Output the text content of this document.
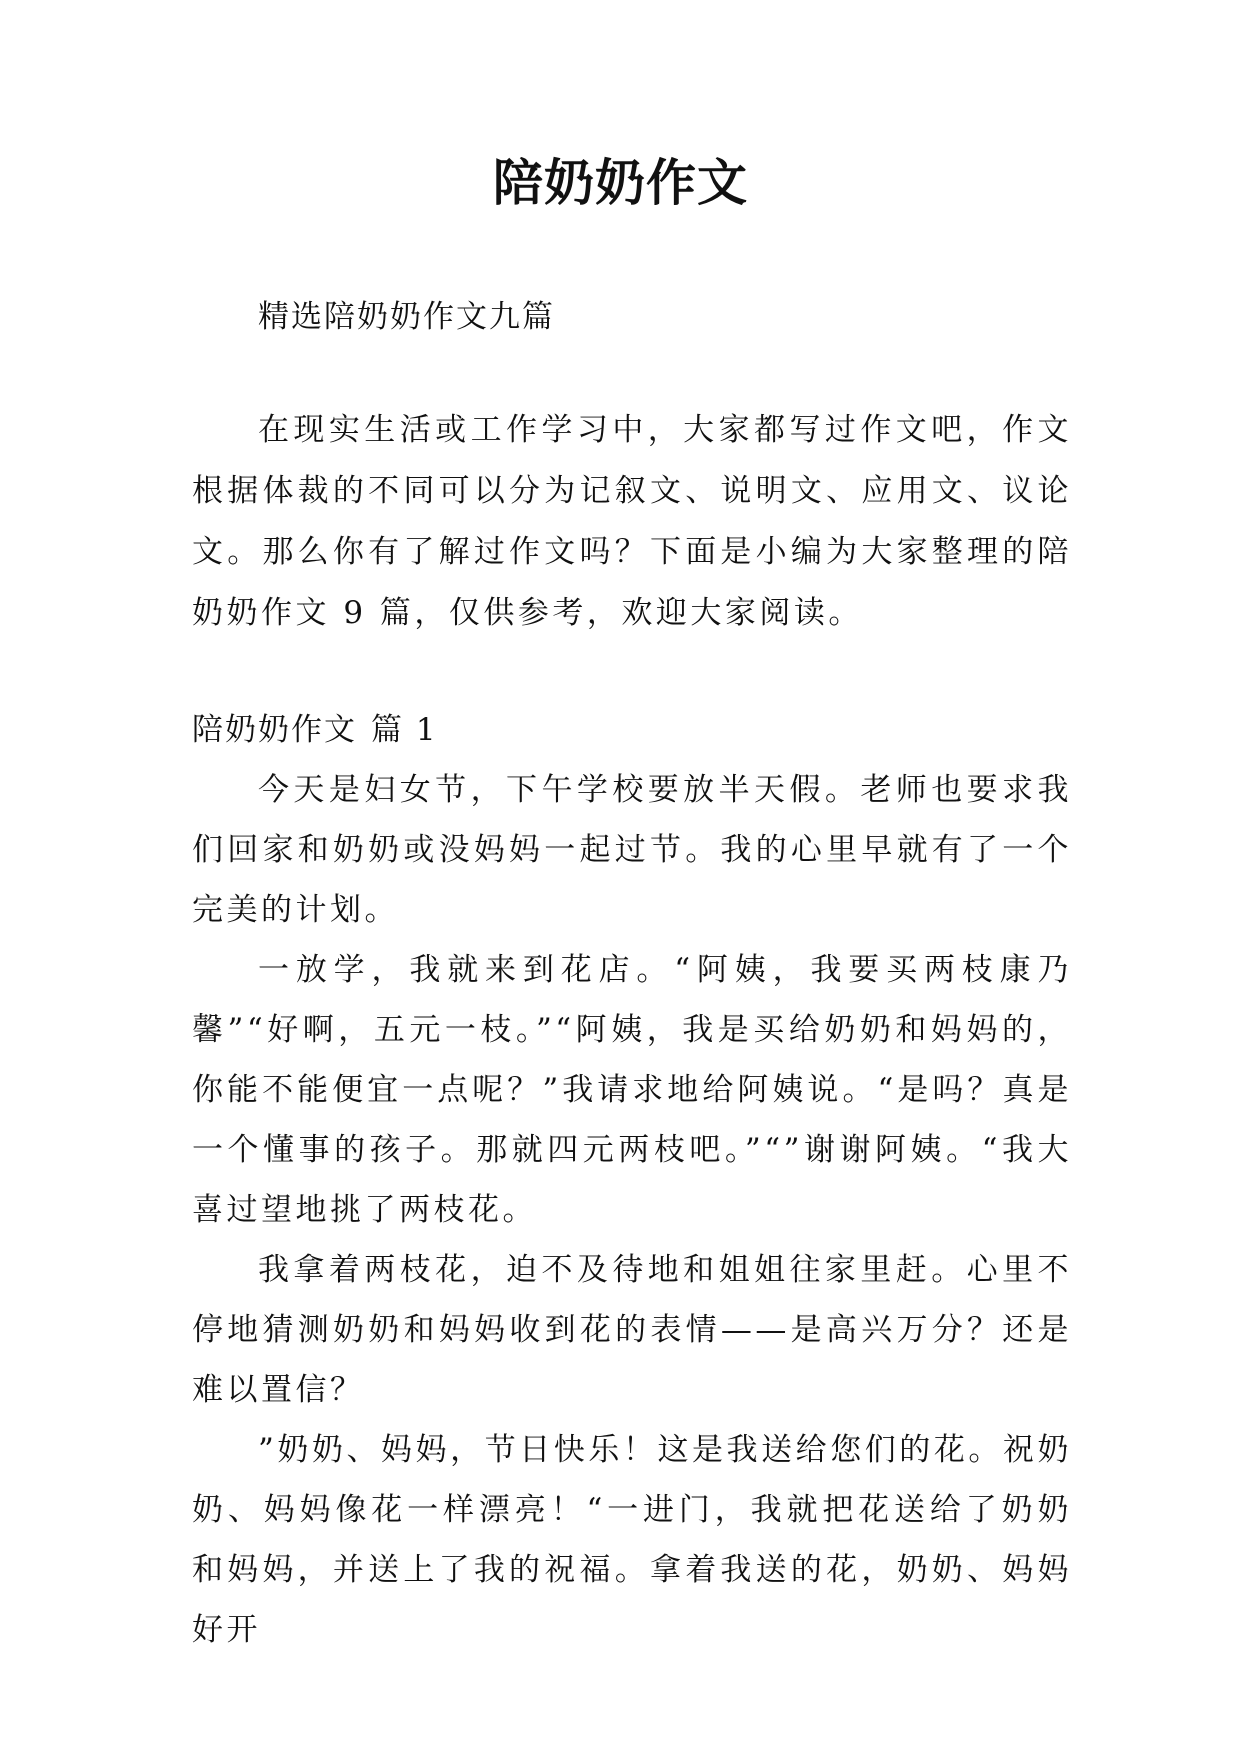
陪奶奶作文
精选陪奶奶作文九篇

在现实生活或工作学习中，大家都写过作文吧，作文根据体裁的不同可以分为记叙文、说明文、应用文、议论文。那么你有了解过作文吗？下面是小编为大家整理的陪奶奶作文 9 篇，仅供参考，欢迎大家阅读。

陪奶奶作文 篇 1

今天是妇女节，下午学校要放半天假。老师也要求我们回家和奶奶或没妈妈一起过节。我的心里早就有了一个完美的计划。

一放学，我就来到花店。“阿姨，我要买两枝康乃馨”“好啊，五元一枝。”“阿姨，我是买给奶奶和妈妈的，你能不能便宜一点呢？”我请求地给阿姨说。“是吗？真是一个懂事的孩子。那就四元两枝吧。”“”谢谢阿姨。“我大喜过望地挑了两枝花。

我拿着两枝花，迫不及待地和姐姐往家里赶。心里不停地猜测奶奶和妈妈收到花的表情——是高兴万分？还是难以置信？

”奶奶、妈妈，节日快乐！这是我送给您们的花。祝奶奶、妈妈像花一样漂亮！“一进门，我就把花送给了奶奶和妈妈，并送上了我的祝福。拿着我送的花，奶奶、妈妈好开
